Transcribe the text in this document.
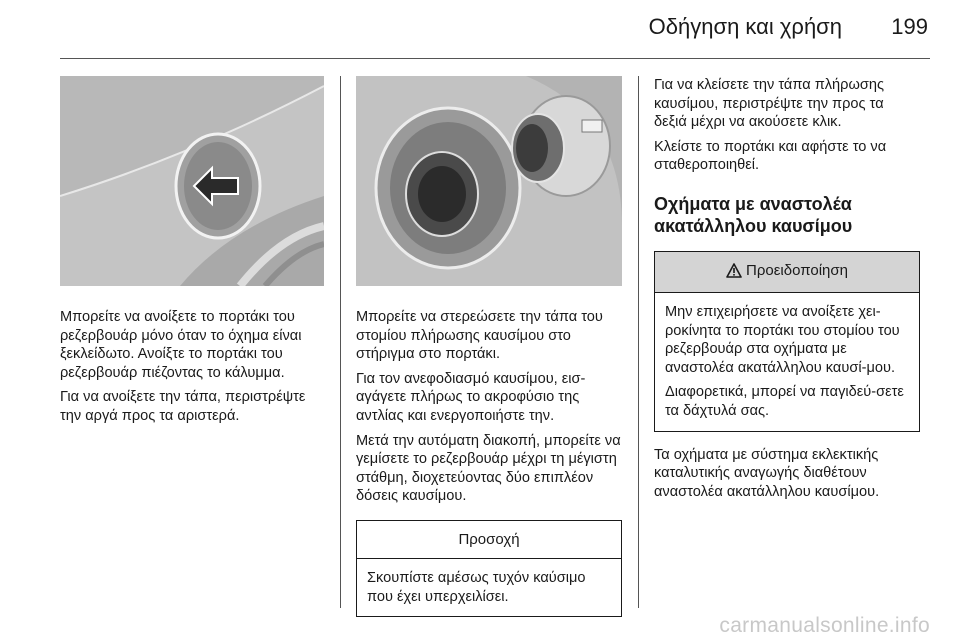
Οδήγηση και χρήση 199

Μπορείτε να ανοίξετε το πορτάκι του ρεζερβουάρ μόνο όταν το όχημα είναι ξεκλείδωτο. Ανοίξτε το πορτάκι του ρεζερβουάρ πιέζοντας το κάλυμμα.

Για να ανοίξετε την τάπα, περιστρέψτε την αργά προς τα αριστερά.

Μπορείτε να στερεώσετε την τάπα του στομίου πλήρωσης καυσίμου στο στήριγμα στο πορτάκι.

Για τον ανεφοδιασμό καυσίμου, εισ-αγάγετε πλήρως το ακροφύσιο της αντλίας και ενεργοποιήστε την.

Μετά την αυτόματη διακοπή, μπορείτε να γεμίσετε το ρεζερβουάρ μέχρι τη μέγιστη στάθμη, διοχετεύοντας δύο επιπλέον δόσεις καυσίμου.

Προσοχή

Σκουπίστε αμέσως τυχόν καύσιμο που έχει υπερχειλίσει.

Για να κλείσετε την τάπα πλήρωσης καυσίμου, περιστρέψτε την προς τα δεξιά μέχρι να ακούσετε κλικ.

Κλείστε το πορτάκι και αφήστε το να σταθεροποιηθεί.

Οχήματα με αναστολέα
ακατάλληλου καυσίμου
Προειδοποίηση

Μην επιχειρήσετε να ανοίξετε χει-ροκίνητα το πορτάκι του στομίου του ρεζερβουάρ στα οχήματα με αναστολέα ακατάλληλου καυσί-μου.

Διαφορετικά, μπορεί να παγιδεύ-σετε τα δάχτυλά σας.

Τα οχήματα με σύστημα εκλεκτικής καταλυτικής αναγωγής διαθέτουν αναστολέα ακατάλληλου καυσίμου.

carmanualsonline.info
